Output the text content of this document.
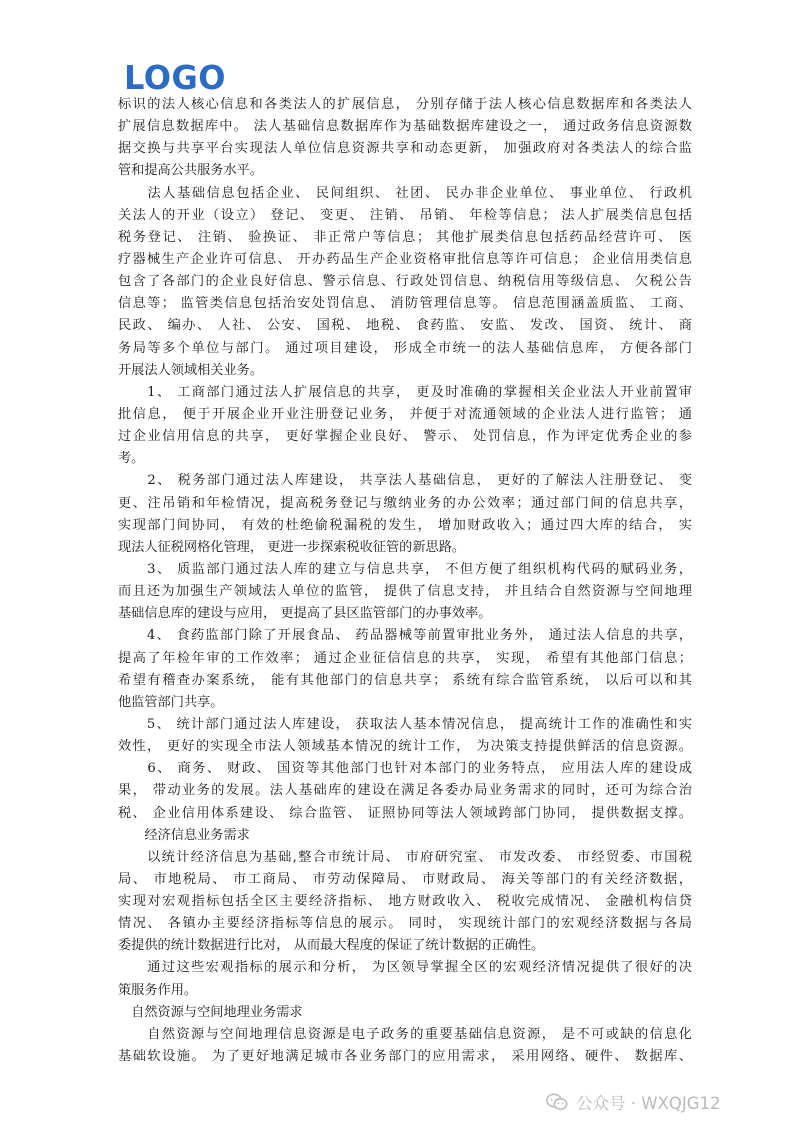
LOGO
标识的法人核心信息和各类法人的扩展信息， 分别存储于法人核心信息数据库和各类法人
扩展信息数据库中。 法人基础信息数据库作为基础数据库建设之一， 通过政务信息资源数
据交换与共享平台实现法人单位信息资源共享和动态更新， 加强政府对各类法人的综合监
管和提高公共服务水平。
　　法人基础信息包括企业、 民间组织、 社团、 民办非企业单位、 事业单位、 行政机
关法人的开业（设立） 登记、 变更、 注销、 吊销、 年检等信息； 法人扩展类信息包括
税务登记、 注销、 验换证、 非正常户等信息； 其他扩展类信息包括药品经营许可、 医
疗器械生产企业许可信息、 开办药品生产企业资格审批信息等许可信息； 企业信用类信息
包含了各部门的企业良好信息、警示信息、行政处罚信息、纳税信用等级信息、 欠税公告
信息等； 监管类信息包括治安处罚信息、 消防管理信息等。 信息范围涵盖质监、 工商、
民政、 编办、 人社、 公安、 国税、 地税、 食药监、 安监、 发改、 国资、 统计、 商
务局等多个单位与部门。 通过项目建设， 形成全市统一的法人基础信息库， 方便各部门
开展法人领域相关业务。
　　1、 工商部门通过法人扩展信息的共享， 更及时准确的掌握相关企业法人开业前置审
批信息， 便于开展企业开业注册登记业务， 并便于对流通领域的企业法人进行监管； 通
过企业信用信息的共享， 更好掌握企业良好、 警示、 处罚信息，作为评定优秀企业的参
考。
　　2、 税务部门通过法人库建设， 共享法人基础信息， 更好的了解法人注册登记、 变
更、注吊销和年检情况，提高税务登记与缴纳业务的办公效率；通过部门间的信息共享，
实现部门间协同， 有效的杜绝偷税漏税的发生， 增加财政收入；通过四大库的结合， 实
现法人征税网格化管理， 更进一步探索税收征管的新思路。
　　3、 质监部门通过法人库的建立与信息共享， 不但方便了组织机构代码的赋码业务，
而且还为加强生产领域法人单位的监管， 提供了信息支持， 并且结合自然资源与空间地理
基础信息库的建设与应用， 更提高了县区监管部门的办事效率。
　　4、 食药监部门除了开展食品、 药品器械等前置审批业务外， 通过法人信息的共享，
提高了年检年审的工作效率； 通过企业征信信息的共享， 实现， 希望有其他部门信息；
希望有稽查办案系统， 能有其他部门的信息共享； 系统有综合监管系统， 以后可以和其
他监管部门共享。
　　5、 统计部门通过法人库建设， 获取法人基本情况信息， 提高统计工作的准确性和实
效性， 更好的实现全市法人领域基本情况的统计工作， 为决策支持提供鲜活的信息资源。
　　6、 商务、 财政、 国资等其他部门也针对本部门的业务特点， 应用法人库的建设成
果， 带动业务的发展。法人基础库的建设在满足各委办局业务需求的同时，还可为综合治
税、 企业信用体系建设、 综合监管、 证照协同等法人领域跨部门协同， 提供数据支撑。
　　经济信息业务需求
　　以统计经济信息为基础,整合市统计局、 市府研究室、 市发改委、 市经贸委、市国税
局、 市地税局、 市工商局、 市劳动保障局、 市财政局、 海关等部门的有关经济数据，
实现对宏观指标包括全区主要经济指标、 地方财政收入、 税收完成情况、 金融机构信贷
情况、 各镇办主要经济指标等信息的展示。 同时， 实现统计部门的宏观经济数据与各局
委提供的统计数据进行比对， 从而最大程度的保证了统计数据的正确性。
　　通过这些宏观指标的展示和分析， 为区领导掌握全区的宏观经济情况提供了很好的决
策服务作用。
　自然资源与空间地理业务需求
　　自然资源与空间地理信息资源是电子政务的重要基础信息资源， 是不可或缺的信息化
基础软设施。 为了更好地满足城市各业务部门的应用需求， 采用网络、硬件、 数据库、
公众号 · WXQJG12
